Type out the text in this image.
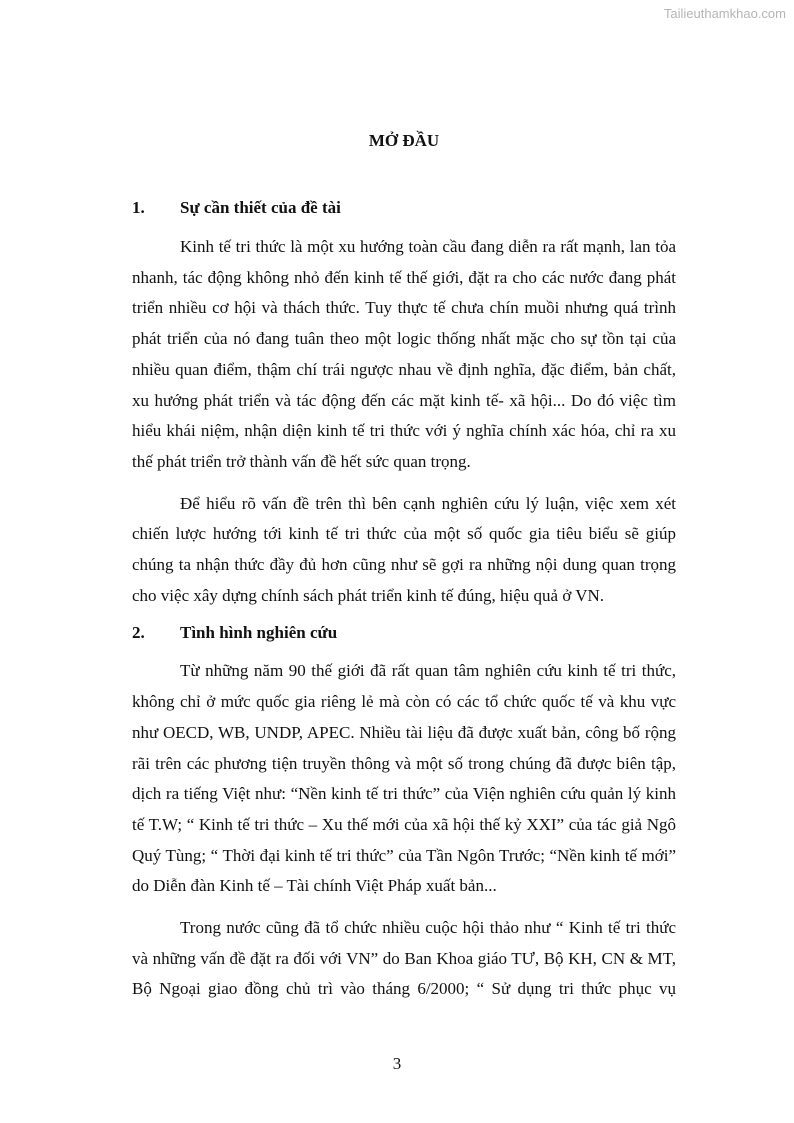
Tailieuthamkhao.com

MỞ ĐẦU

1.	Sự cần thiết của đề tài

Kinh tế tri thức là một xu hướng toàn cầu đang diễn ra rất mạnh, lan tỏa nhanh, tác động không nhỏ đến kinh tế thế giới, đặt ra cho các nước đang phát triển nhiều cơ hội và thách thức. Tuy thực tế chưa chín muồi nhưng quá trình phát triển của nó đang tuân theo một logic thống nhất mặc cho sự tồn tại của nhiều quan điểm, thậm chí trái ngược nhau về định nghĩa, đặc điểm, bản chất, xu hướng phát triển và tác động đến các mặt kinh tế- xã hội... Do đó việc tìm hiểu khái niệm, nhận diện kinh tế tri thức với ý nghĩa chính xác hóa, chỉ ra xu thế phát triển trở thành vấn đề hết sức quan trọng.

Để hiểu rõ vấn đề trên thì bên cạnh nghiên cứu lý luận, việc xem xét chiến lược hướng tới kinh tế tri thức của một số quốc gia tiêu biểu sẽ giúp chúng ta nhận thức đầy đủ hơn cũng như sẽ gợi ra những nội dung quan trọng cho việc xây dựng chính sách phát triển kinh tế đúng, hiệu quả ở VN.

2.	Tình hình nghiên cứu

Từ những năm 90 thế giới đã rất quan tâm nghiên cứu kinh tế tri thức, không chỉ ở mức quốc gia riêng lẻ mà còn có các tổ chức quốc tế và khu vực như OECD, WB, UNDP, APEC. Nhiều tài liệu đã được xuất bản, công bố rộng rãi trên các phương tiện truyền thông và một số trong chúng đã được biên tập, dịch ra tiếng Việt như: “Nền kinh tế tri thức” của Viện nghiên cứu quản lý kinh tế T.W; “ Kinh tế tri thức – Xu thế mới của xã hội thế kỷ XXI” của tác giả Ngô Quý Tùng; “ Thời đại kinh tế tri thức” của Tần Ngôn Trước; “Nền kinh tế mới” do Diễn đàn Kinh tế – Tài chính Việt Pháp xuất bản...

Trong nước cũng đã tổ chức nhiều cuộc hội thảo như “ Kinh tế tri thức và những vấn đề đặt ra đối với VN” do Ban Khoa giáo TƯ, Bộ KH, CN & MT, Bộ Ngoại giao đồng chủ trì vào tháng 6/2000; “ Sử dụng tri thức phục vụ

3
